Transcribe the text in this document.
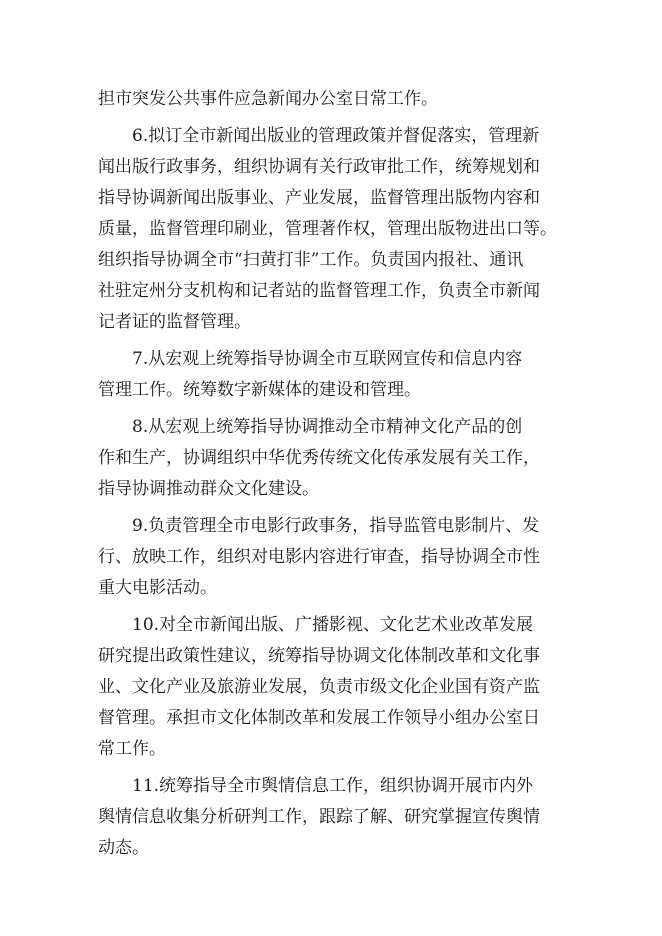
担市突发公共事件应急新闻办公室日常工作。
6.拟订全市新闻出版业的管理政策并督促落实，管理新
闻出版行政事务，组织协调有关行政审批工作，统筹规划和
指导协调新闻出版事业、产业发展，监督管理出版物内容和
质量，监督管理印刷业，管理著作权，管理出版物进出口等。
组织指导协调全市“扫黄打非”工作。负责国内报社、通讯
社驻定州分支机构和记者站的监督管理工作，负责全市新闻
记者证的监督管理。
7.从宏观上统筹指导协调全市互联网宣传和信息内容
管理工作。统筹数字新媒体的建设和管理。
8.从宏观上统筹指导协调推动全市精神文化产品的创
作和生产，协调组织中华优秀传统文化传承发展有关工作，
指导协调推动群众文化建设。
9.负责管理全市电影行政事务，指导监管电影制片、发
行、放映工作，组织对电影内容进行审查，指导协调全市性
重大电影活动。
10.对全市新闻出版、广播影视、文化艺术业改革发展
研究提出政策性建议，统筹指导协调文化体制改革和文化事
业、文化产业及旅游业发展，负责市级文化企业国有资产监
督管理。承担市文化体制改革和发展工作领导小组办公室日
常工作。
11.统筹指导全市舆情信息工作，组织协调开展市内外
舆情信息收集分析研判工作，跟踪了解、研究掌握宣传舆情
动态。
